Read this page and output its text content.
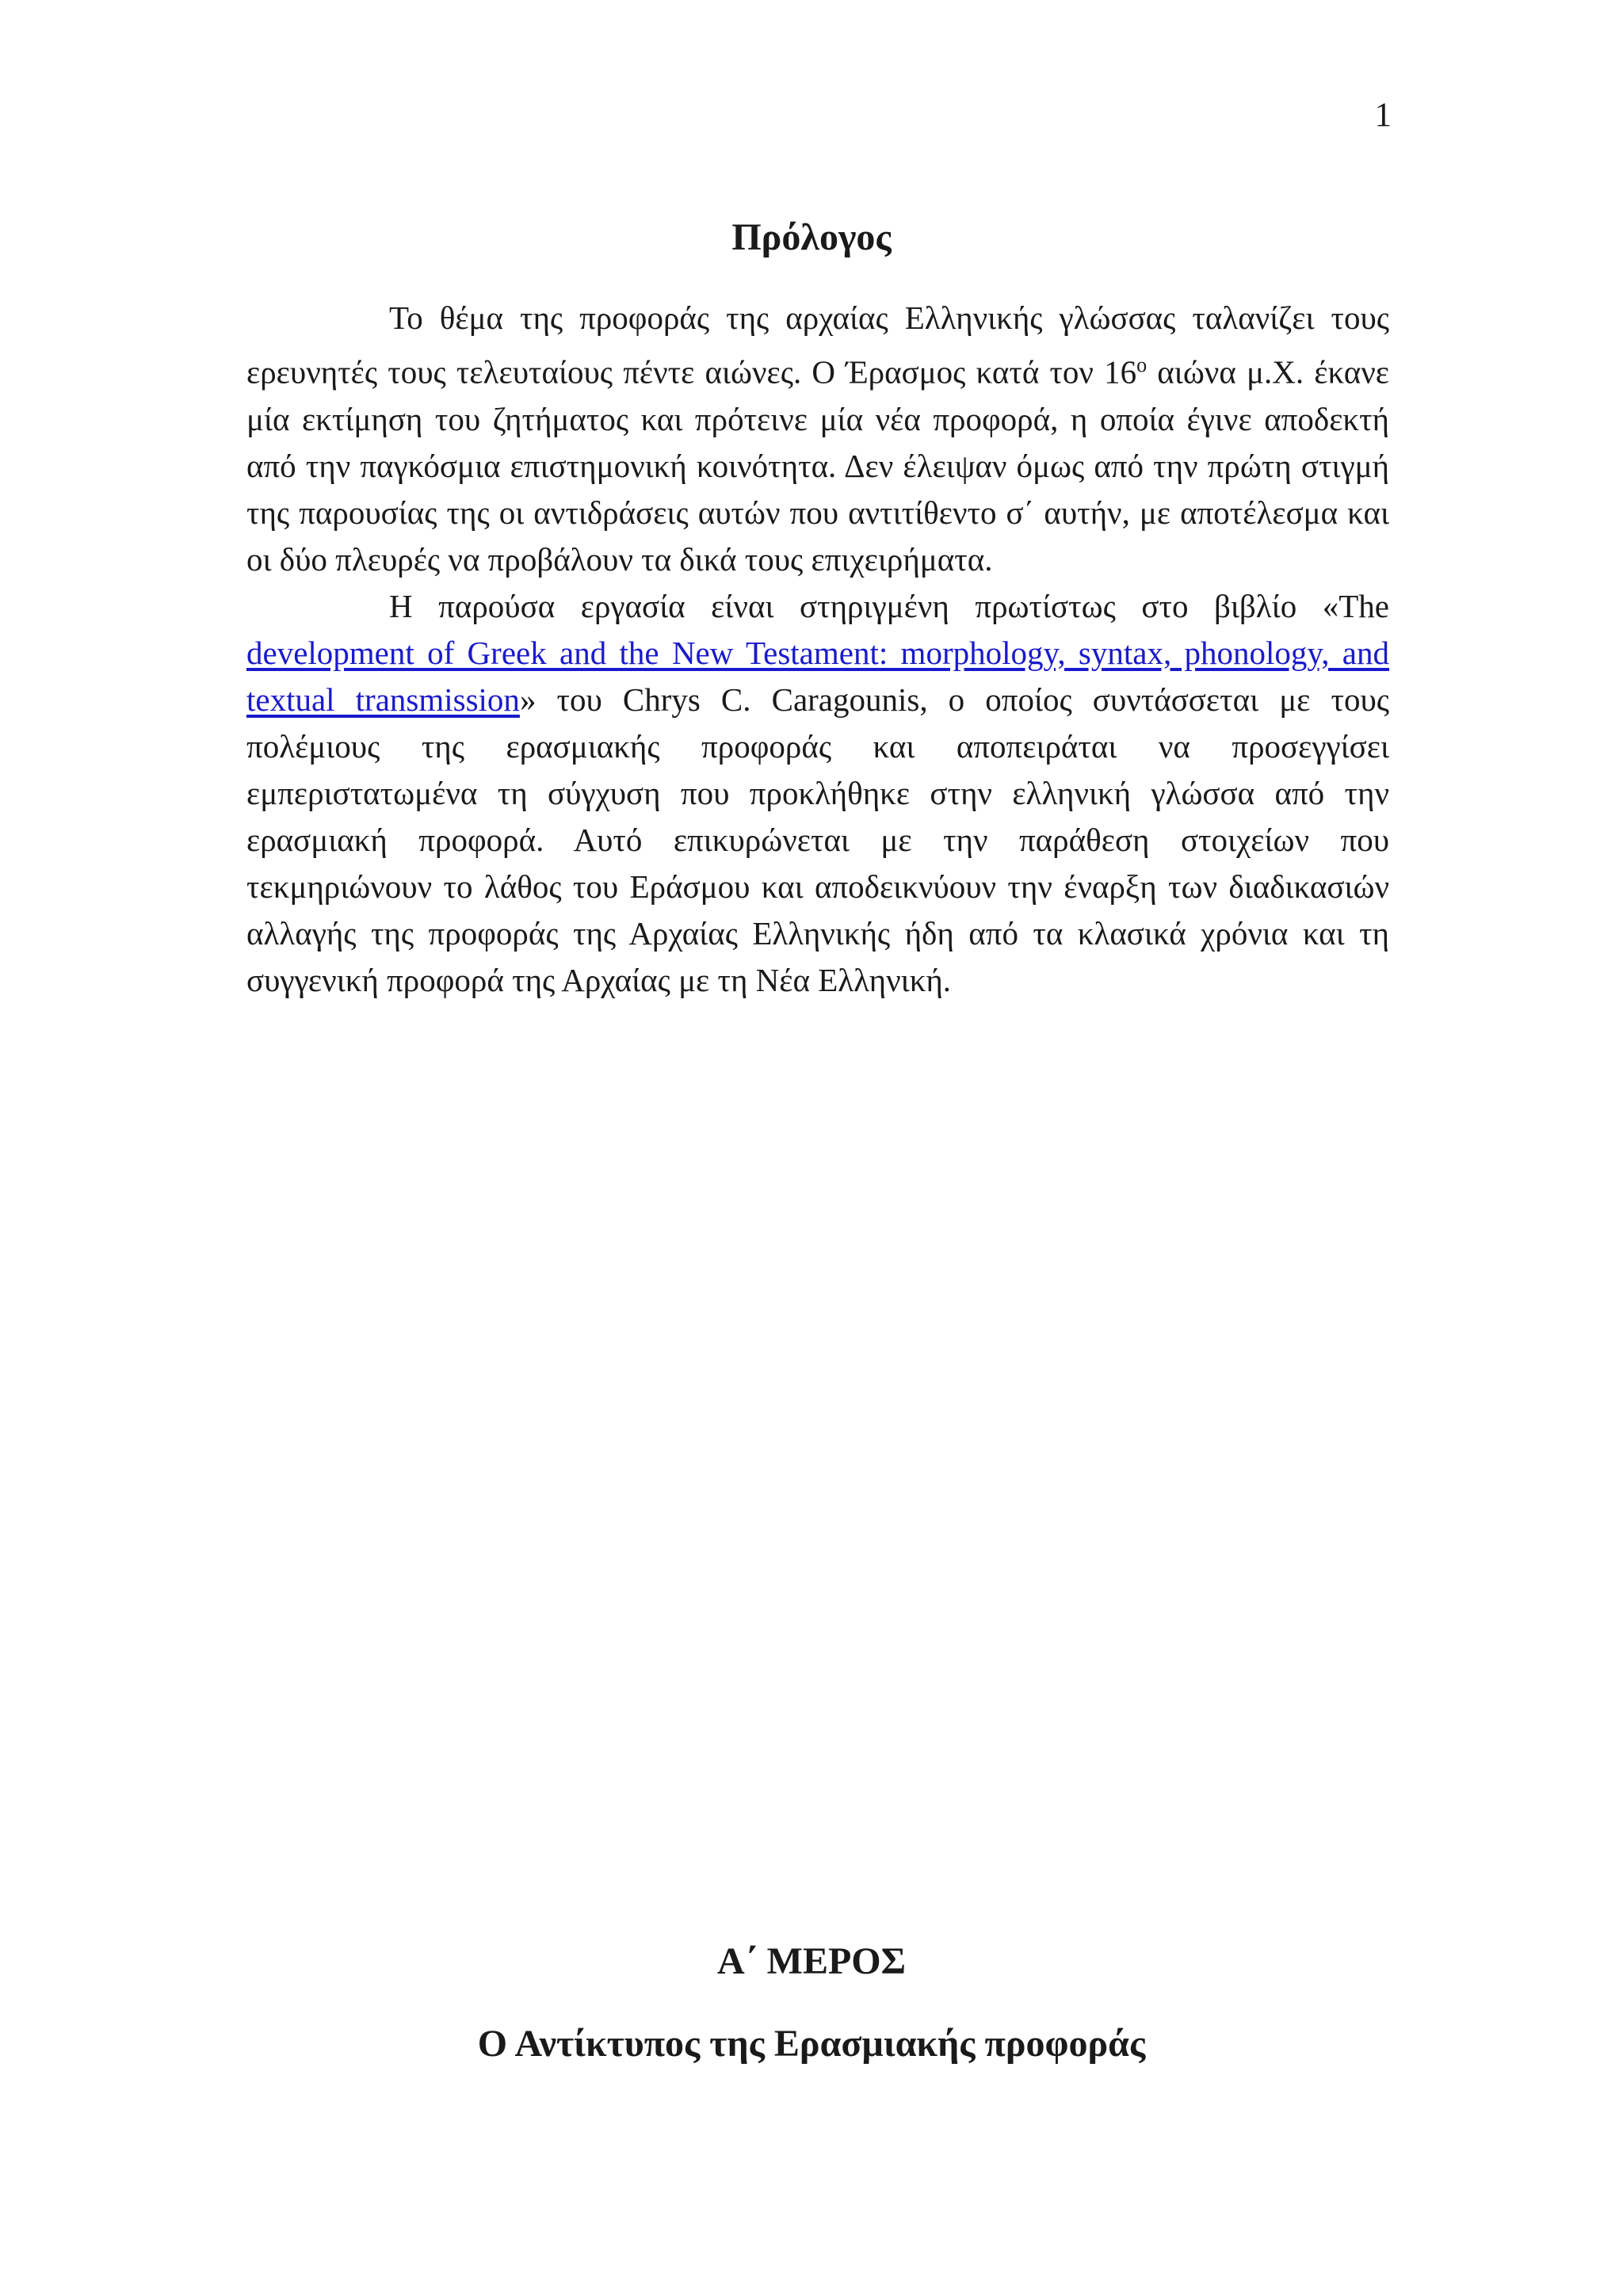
1
Πρόλογος

Το θέμα της προφοράς της αρχαίας Ελληνικής γλώσσας ταλανίζει τους ερευνητές τους τελευταίους πέντε αιώνες. Ο Έρασμος κατά τον $16^o$ αιώνα μ.Χ. έκανε μία εκτίμηση του ζητήματος και πρότεινε μία νέα προφορά, η οποία έγινε αποδεκτή από την παγκόσμια επιστημονική κοινότητα. Δεν έλειψαν όμως από την πρώτη στιγμή της παρουσίας της οι αντιδράσεις αυτών που αντιτίθεντο σ΄ αυτήν, με αποτέλεσμα και οι δύο πλευρές να προβάλουν τα δικά τους επιχειρήματα.

Η παρούσα εργασία είναι στηριγμένη πρωτίστως στο βιβλίο «The development of Greek and the New Testament: morphology, syntax, phonology, and textual transmission» του Chrys C. Caragounis, ο οποίος συντάσσεται με τους πολέμιους της ερασμιακής προφοράς και αποπειράται να προσεγγίσει εμπεριστατωμένα τη σύγχυση που προκλήθηκε στην ελληνική γλώσσα από την ερασμιακή προφορά. Αυτό επικυρώνεται με την παράθεση στοιχείων που τεκμηριώνουν το λάθος του Εράσμου και αποδεικνύουν την έναρξη των διαδικασιών αλλαγής της προφοράς της Αρχαίας Ελληνικής ήδη από τα κλασικά χρόνια και τη συγγενική προφορά της Αρχαίας με τη Νέα Ελληνική.

Α΄ ΜΕΡΟΣ
Ο Αντίκτυπος της Ερασμιακής προφοράς
